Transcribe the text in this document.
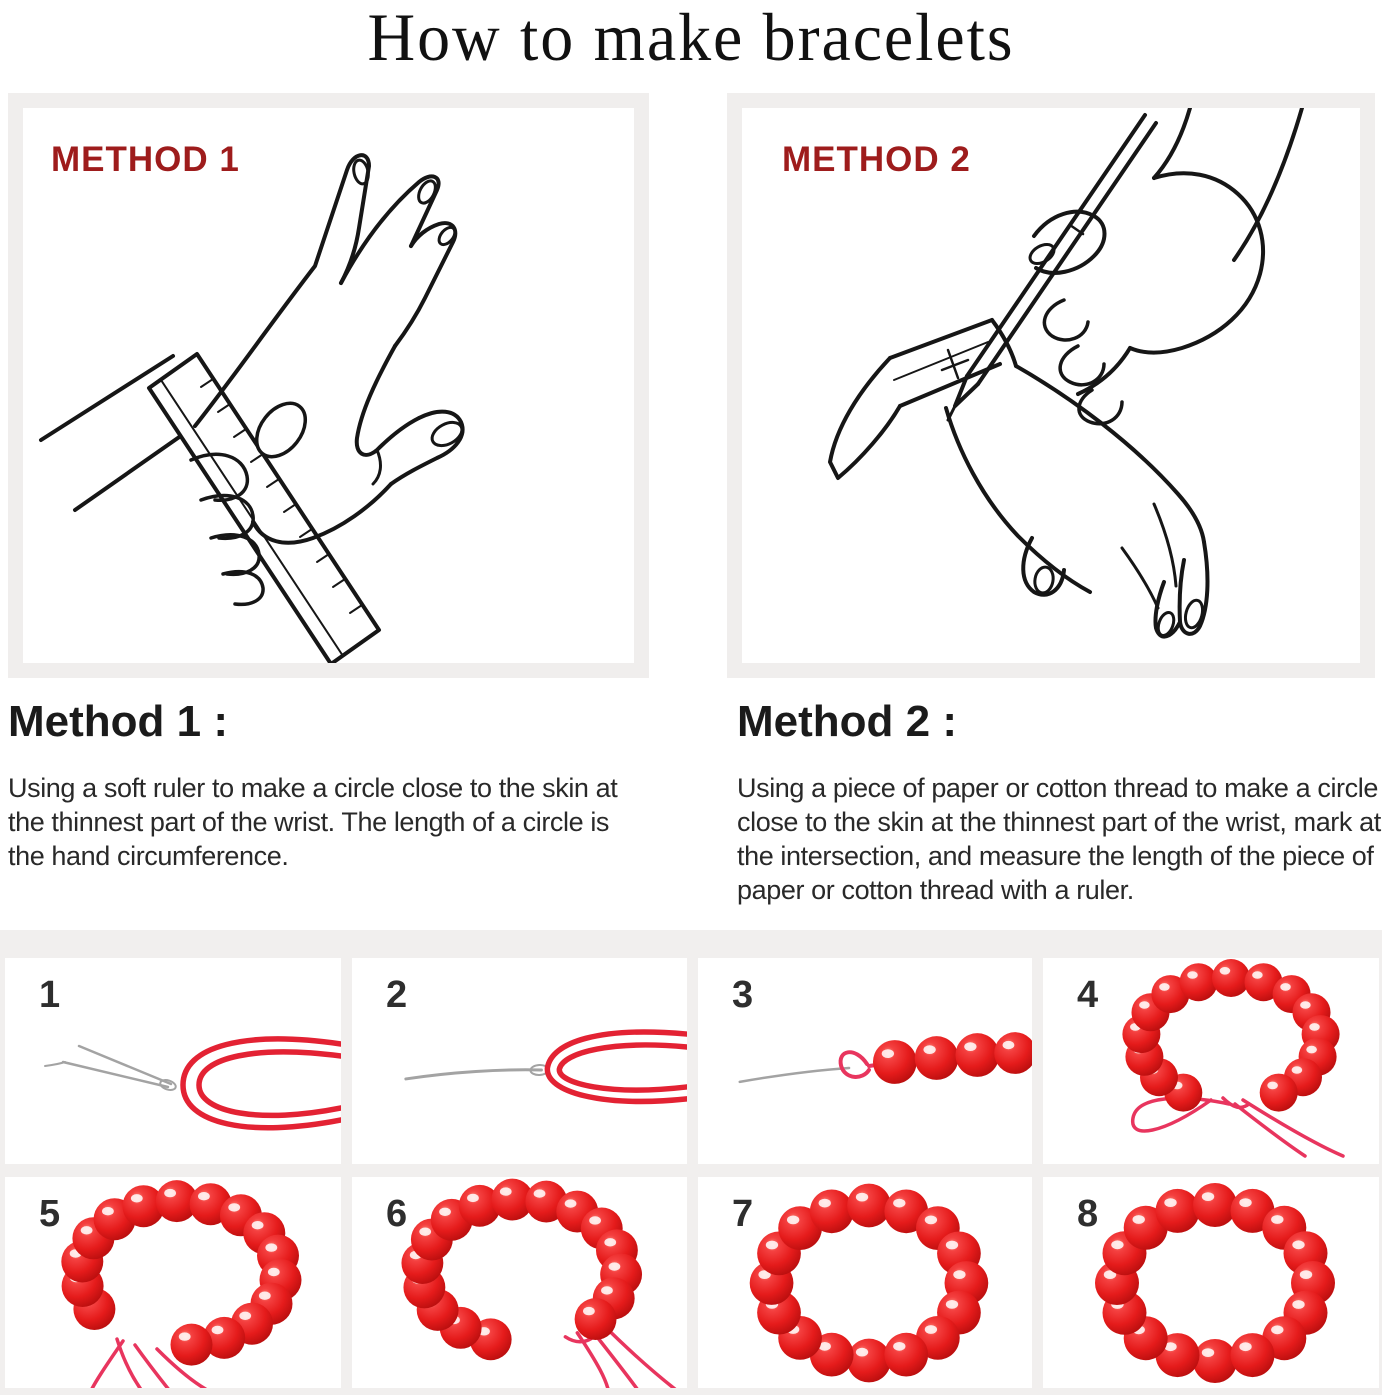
How to make bracelets
METHOD 1	METHOD 2
Method 1 :

Using a soft ruler to make a circle close to the skin at the thinnest part of the wrist. The length of a circle is the hand circumference.

Method 2 :

Using a piece of paper or cotton thread to make a circle close to the skin at the thinnest part of the wrist, mark at the intersection, and measure the length of the piece of paper or cotton thread with a ruler.

1	2	3	4
5	6	7	8
